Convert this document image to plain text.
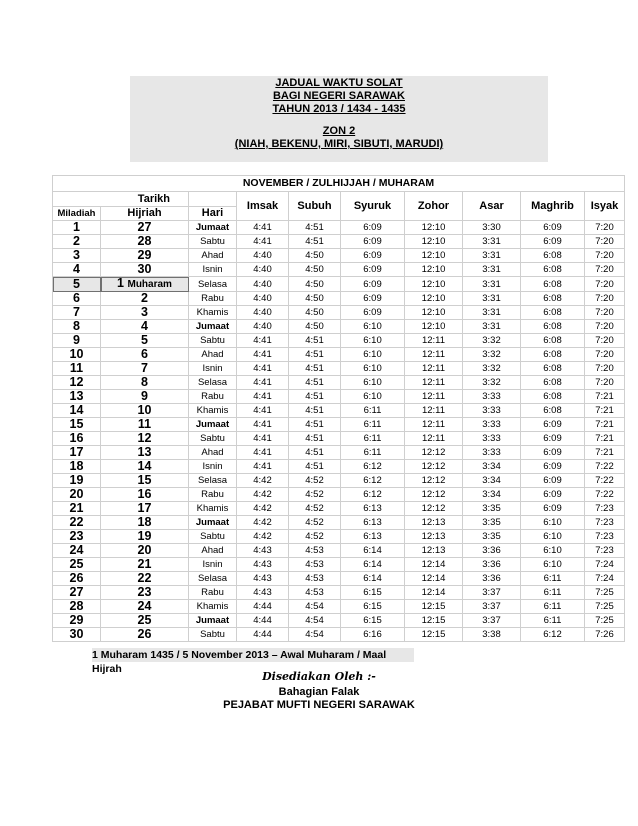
JADUAL WAKTU SOLAT
BAGI NEGERI SARAWAK
TAHUN 2013 / 1434 - 1435
ZON 2
(NIAH, BEKENU, MIRI, SIBUTI, MARUDI)
NOVEMBER / ZULHIJJAH / MUHARAM									
Tarikh			Imsak	Subuh	Syuruk	Zohor	Asar	Maghrib	Isyak
Miladiah	Hijriah	Hari							
1	27	Jumaat	4:41	4:51	6:09	12:10	3:30	6:09	7:20
2	28	Sabtu	4:41	4:51	6:09	12:10	3:31	6:09	7:20
3	29	Ahad	4:40	4:50	6:09	12:10	3:31	6:08	7:20
4	30	Isnin	4:40	4:50	6:09	12:10	3:31	6:08	7:20
5	1 Muharam	Selasa	4:40	4:50	6:09	12:10	3:31	6:08	7:20
6	2	Rabu	4:40	4:50	6:09	12:10	3:31	6:08	7:20
7	3	Khamis	4:40	4:50	6:09	12:10	3:31	6:08	7:20
8	4	Jumaat	4:40	4:50	6:10	12:10	3:31	6:08	7:20
9	5	Sabtu	4:41	4:51	6:10	12:11	3:32	6:08	7:20
10	6	Ahad	4:41	4:51	6:10	12:11	3:32	6:08	7:20
11	7	Isnin	4:41	4:51	6:10	12:11	3:32	6:08	7:20
12	8	Selasa	4:41	4:51	6:10	12:11	3:32	6:08	7:20
13	9	Rabu	4:41	4:51	6:10	12:11	3:33	6:08	7:21
14	10	Khamis	4:41	4:51	6:11	12:11	3:33	6:08	7:21
15	11	Jumaat	4:41	4:51	6:11	12:11	3:33	6:09	7:21
16	12	Sabtu	4:41	4:51	6:11	12:11	3:33	6:09	7:21
17	13	Ahad	4:41	4:51	6:11	12:12	3:33	6:09	7:21
18	14	Isnin	4:41	4:51	6:12	12:12	3:34	6:09	7:22
19	15	Selasa	4:42	4:52	6:12	12:12	3:34	6:09	7:22
20	16	Rabu	4:42	4:52	6:12	12:12	3:34	6:09	7:22
21	17	Khamis	4:42	4:52	6:13	12:12	3:35	6:09	7:23
22	18	Jumaat	4:42	4:52	6:13	12:13	3:35	6:10	7:23
23	19	Sabtu	4:42	4:52	6:13	12:13	3:35	6:10	7:23
24	20	Ahad	4:43	4:53	6:14	12:13	3:36	6:10	7:23
25	21	Isnin	4:43	4:53	6:14	12:14	3:36	6:10	7:24
26	22	Selasa	4:43	4:53	6:14	12:14	3:36	6:11	7:24
27	23	Rabu	4:43	4:53	6:15	12:14	3:37	6:11	7:25
28	24	Khamis	4:44	4:54	6:15	12:15	3:37	6:11	7:25
29	25	Jumaat	4:44	4:54	6:15	12:15	3:37	6:11	7:25
30	26	Sabtu	4:44	4:54	6:16	12:15	3:38	6:12	7:26
1 Muharam 1435 / 5 November 2013 – Awal Muharam / Maal Hijrah
Disediakan Oleh :-
Bahagian Falak
PEJABAT MUFTI NEGERI SARAWAK
